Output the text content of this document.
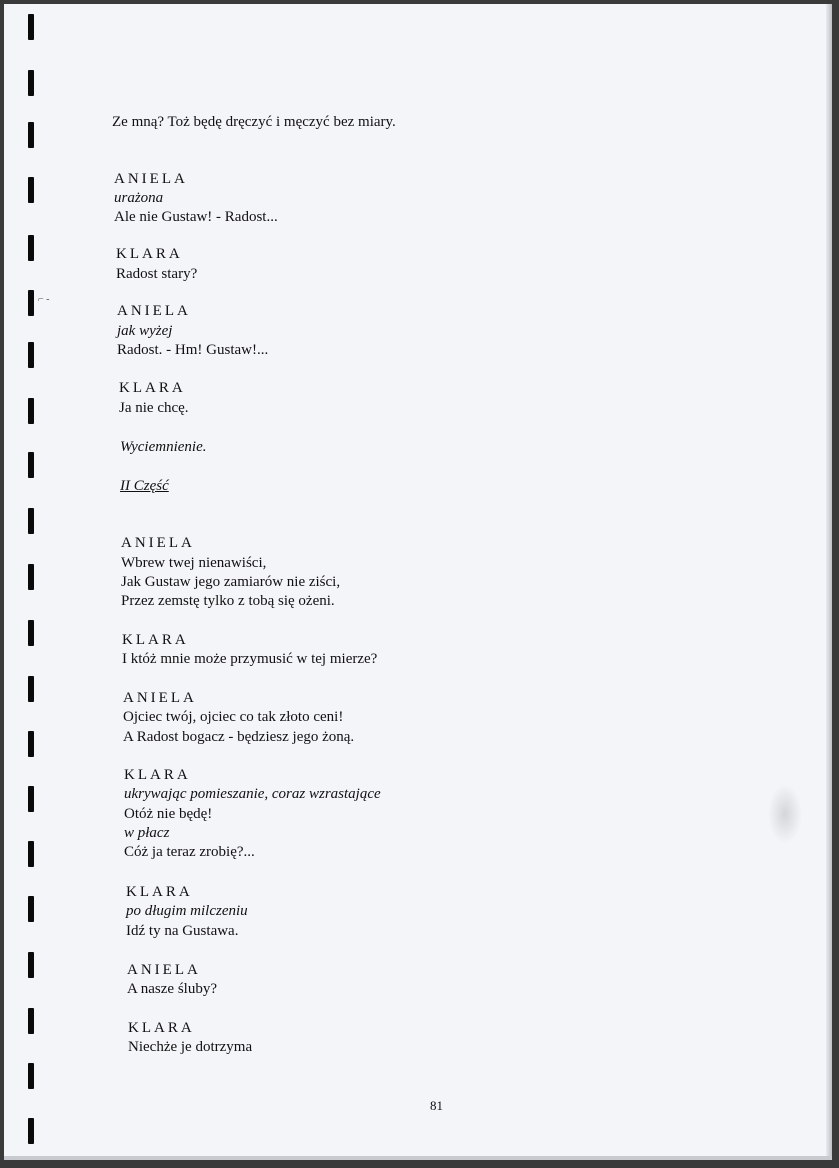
⌐ -
Ze mną? Toż będę dręczyć i męczyć bez miary.
ANIELA
urażona
Ale nie Gustaw! - Radost...
KLARA
Radost stary?
ANIELA
jak wyżej
Radost. - Hm! Gustaw!...
KLARA
Ja nie chcę.
Wyciemnienie.
II Część
ANIELA
Wbrew twej nienawiści,
Jak Gustaw jego zamiarów nie ziści,
Przez zemstę tylko z tobą się ożeni.
KLARA
I któż mnie może przymusić w tej mierze?
ANIELA
Ojciec twój, ojciec co tak złoto ceni!
A Radost bogacz - będziesz jego żoną.
KLARA
ukrywając pomieszanie, coraz wzrastające
Otóż nie będę!
w płacz
Cóż ja teraz zrobię?...
KLARA
po długim milczeniu
Idź ty na Gustawa.
ANIELA
A nasze śluby?
KLARA
Niechże je dotrzyma
81
